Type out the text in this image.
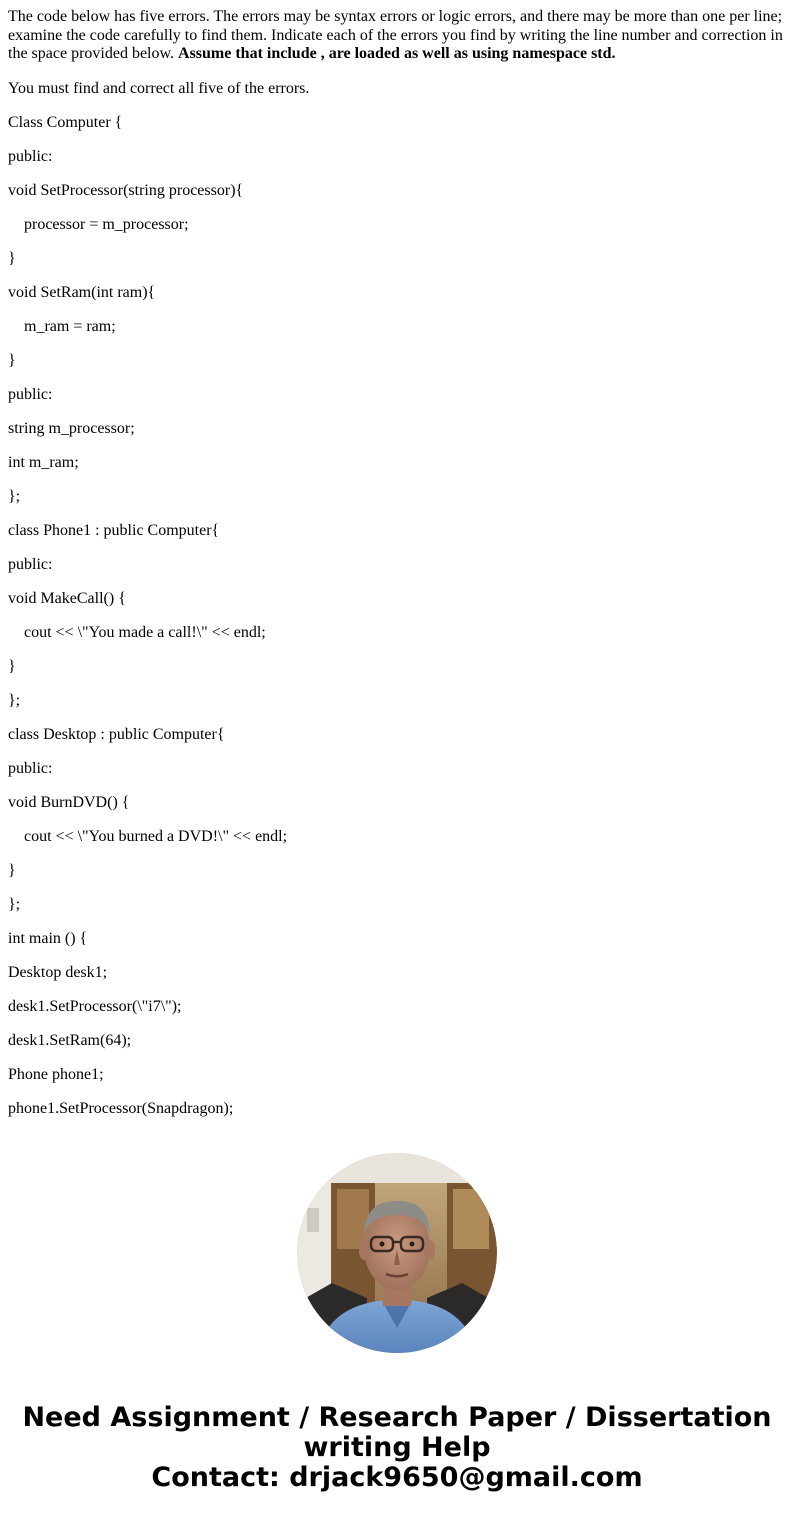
The code below has five errors. The errors may be syntax errors or logic errors, and there may be more than one per line; examine the code carefully to find them. Indicate each of the errors you find by writing the line number and correction in the space provided below. Assume that include , are loaded as well as using namespace std.

You must find and correct all five of the errors.

Class Computer {

public:

void SetProcessor(string processor){

processor = m_processor;

}

void SetRam(int ram){

m_ram = ram;

}

public:

string m_processor;

int m_ram;

};

class Phone1 : public Computer{

public:

void MakeCall() {

cout << \"You made a call!\" << endl;

}

};

class Desktop : public Computer{

public:

void BurnDVD() {

cout << \"You burned a DVD!\" << endl;

}

};

int main () {

Desktop desk1;

desk1.SetProcessor(\"i7\");

desk1.SetRam(64);

Phone phone1;

phone1.SetProcessor(Snapdragon);

Need Assignment / Research Paper / Dissertation
writing Help
Contact: drjack9650@gmail.com
